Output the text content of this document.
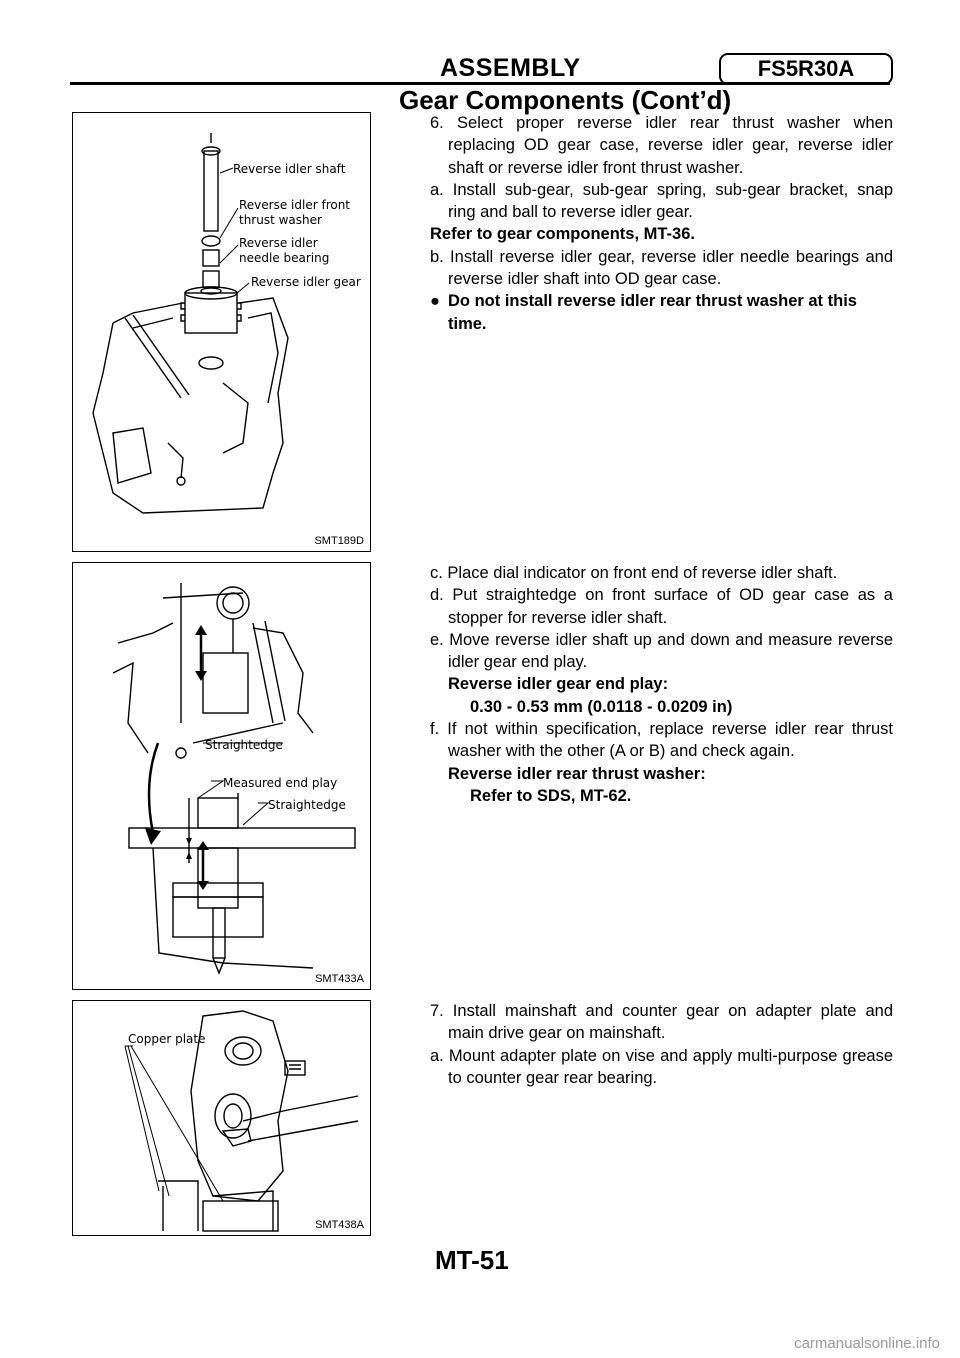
ASSEMBLY	FS5R30A
Gear Components (Cont’d)
Reverse idler shaft
Reverse idler front
thrust washer
Reverse idler
needle bearing
Reverse idler gear
SMT189D
Straightedge
Measured end play
Straightedge
SMT433A
Copper plate
SMT438A

6. Select proper reverse idler rear thrust washer when replacing OD gear case, reverse idler gear, reverse idler shaft or reverse idler front thrust washer.

a. Install sub-gear, sub-gear spring, sub-gear bracket, snap ring and ball to reverse idler gear.

Refer to gear components, MT-36.

b. Install reverse idler gear, reverse idler needle bearings and reverse idler shaft into OD gear case.

● Do not install reverse idler rear thrust washer at this time.

c. Place dial indicator on front end of reverse idler shaft.

d. Put straightedge on front surface of OD gear case as a stopper for reverse idler shaft.

e. Move reverse idler shaft up and down and measure reverse idler gear end play.

Reverse idler gear end play:

0.30 - 0.53 mm (0.0118 - 0.0209 in)

f. If not within specification, replace reverse idler rear thrust washer with the other (A or B) and check again.

Reverse idler rear thrust washer:

Refer to SDS, MT-62.

7. Install mainshaft and counter gear on adapter plate and main drive gear on mainshaft.

a. Mount adapter plate on vise and apply multi-purpose grease to counter gear rear bearing.

MT-51
carmanualsonline.info
